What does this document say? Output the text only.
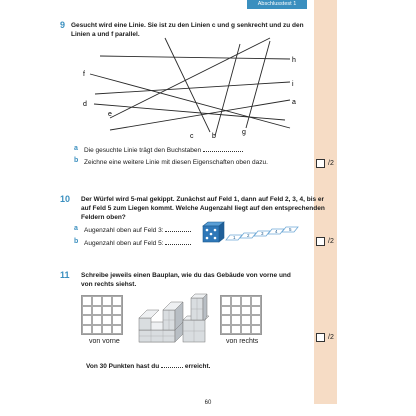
Abschlusstest 1
9 Gesucht wird eine Linie. Sie ist zu den Linien c und g senkrecht und zu den
Linien a und f parallel.
h
f
i
d	a
e
c	b
g
a Die gesuchte Linie trägt den Buchstaben
b Zeichne eine weitere Linie mit diesen Eigenschaften oben dazu.	/2
10 Der Würfel wird 5-mal gekippt. Zunächst auf Feld 1, dann auf Feld 2, 3, 4, bis er
auf Feld 5 zum Liegen kommt. Welche Augenzahl liegt auf den entsprechenden
Feldern oben?
a Augenzahl oben auf Feld 3:
b Augenzahl oben auf Feld 5:
1	2	3	4	5
/2
11 Schreibe jeweils einen Bauplan, wie du das Gebäude von vorne und
von rechts siehst.
von vorne	von rechts
/2
Von 30 Punkten hast du	erreicht.
60
